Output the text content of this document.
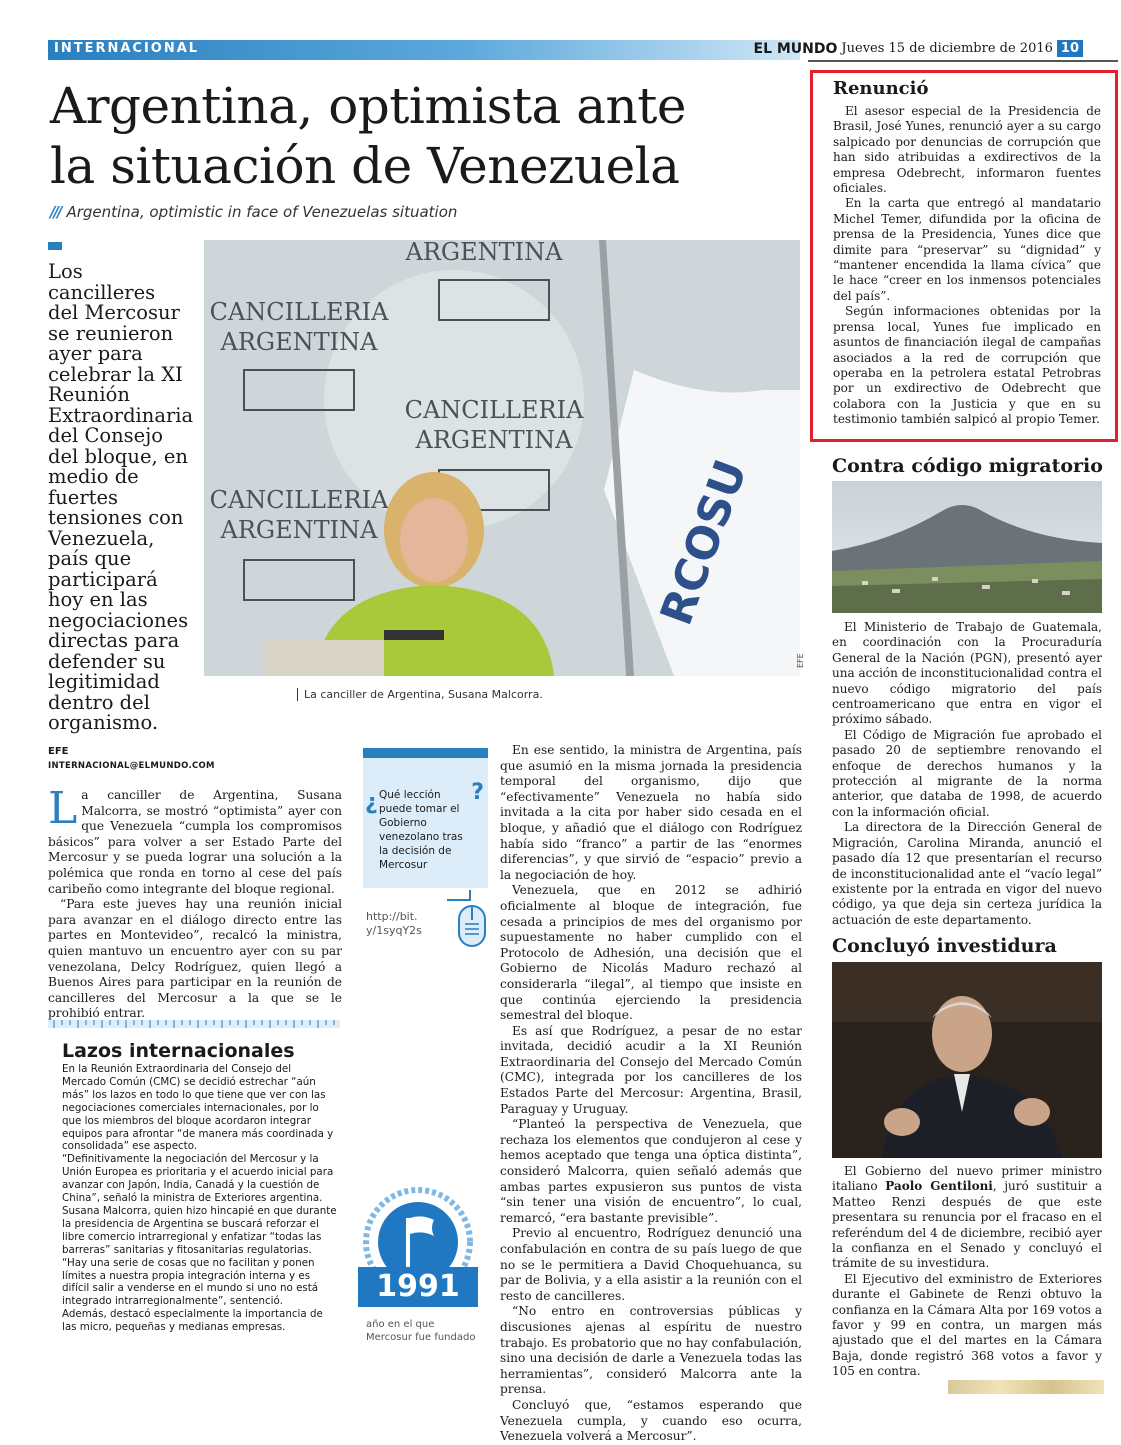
INTERNACIONAL	EL MUNDO Jueves 15 de diciembre de 2016 10
Argentina, optimista ante
la situación de Venezuela
/// Argentina, optimistic in face of Venezuelas situation

Los cancilleres del Mercosur se reunieron ayer para celebrar la XI Reunión Extraordinaria del Consejo del bloque, en medio de fuertes tensiones con Venezuela, país que participará hoy en las negociaciones directas para defender su legitimidad dentro del organismo.

ARGENTINA
CANCILLERIA
ARGENTINA
CANCILLERIA
ARGENTINA
CANCILLERIA
ARGENTINA	RCOSU
La canciller de Argentina, Susana Malcorra.
EFE
EFE
INTERNACIONAL@ELMUNDO.COM

La canciller de Argentina, Susana Malcorra, se mostró “optimista” ayer con que Venezuela “cumpla los compromisos básicos” para volver a ser Estado Parte del Mercosur y se pueda lograr una solución a la polémica que ronda en torno al cese del país caribeño como integrante del bloque regional.

“Para este jueves hay una reunión inicial para avanzar en el diálogo directo entre las partes en Montevideo”, recalcó la ministra, quien mantuvo un encuentro ayer con su par venezolana, Delcy Rodríguez, quien llegó a Buenos Aires para participar en la reunión de cancilleres del Mercosur a la que se le prohibió entrar.

¿	?
Qué lección puede tomar el Gobierno venezolano tras la decisión de Mercosur
http://bit.
y/1syqY2s

En ese sentido, la ministra de Argentina, país que asumió en la misma jornada la presidencia temporal del organismo, dijo que “efectivamente” Venezuela no había sido invitada a la cita por haber sido cesada en el bloque, y añadió que el diálogo con Rodríguez había sido “franco” a partir de las “enormes diferencias”, y que sirvió de “espacio” previo a la negociación de hoy.

Venezuela, que en 2012 se adhirió oficialmente al bloque de integración, fue cesada a principios de mes del organismo por supuestamente no haber cumplido con el Protocolo de Adhesión, una decisión que el Gobierno de Nicolás Maduro rechazó al considerarla “ilegal”, al tiempo que insiste en que continúa ejerciendo la presidencia semestral del bloque.

Es así que Rodríguez, a pesar de no estar invitada, decidió acudir a la XI Reunión Extraordinaria del Consejo del Mercado Común (CMC), integrada por los cancilleres de los Estados Parte del Mercosur: Argentina, Brasil, Paraguay y Uruguay.

“Planteó la perspectiva de Venezuela, que rechaza los elementos que condujeron al cese y hemos aceptado que tenga una óptica distinta”, consideró Malcorra, quien señaló además que ambas partes expusieron sus puntos de vista “sin tener una visión de encuentro”, lo cual, remarcó, “era bastante previsible”.

Previo al encuentro, Rodríguez denunció una confabulación en contra de su país luego de que no se le permitiera a David Choquehuanca, su par de Bolivia, y a ella asistir a la reunión con el resto de cancilleres.

“No entro en controversias públicas y discusiones ajenas al espíritu de nuestro trabajo. Es probatorio que no hay confabulación, sino una decisión de darle a Venezuela todas las herramientas”, consideró Malcorra ante la prensa.

Concluyó que, “estamos esperando que Venezuela cumpla, y cuando eso ocurra, Venezuela volverá a Mercosur”.

Lazos internacionales

En la Reunión Extraordinaria del Consejo del Mercado Común (CMC) se decidió estrechar “aún más” los lazos en todo lo que tiene que ver con las negociaciones comerciales internacionales, por lo que los miembros del bloque acordaron integrar equipos para afrontar “de manera más coordinada y consolidada” ese aspecto.

“Definitivamente la negociación del Mercosur y la Unión Europea es prioritaria y el acuerdo inicial para avanzar con Japón, India, Canadá y la cuestión de China”, señaló la ministra de Exteriores argentina.

Susana Malcorra, quien hizo hincapié en que durante la presidencia de Argentina se buscará reforzar el libre comercio intrarregional y enfatizar “todas las barreras” sanitarias y fitosanitarias regulatorias.

“Hay una serie de cosas que no facilitan y ponen límites a nuestra propia integración interna y es difícil salir a venderse en el mundo si uno no está integrado intrarregionalmente”, sentenció.

Además, destacó especialmente la importancia de las micro, pequeñas y medianas empresas.

1991
año en el que Mercosur fue fundado
Renunció

El asesor especial de la Presidencia de Brasil, José Yunes, renunció ayer a su cargo salpicado por denuncias de corrupción que han sido atribuidas a exdirectivos de la empresa Odebrecht, informaron fuentes oficiales.

En la carta que entregó al mandatario Michel Temer, difundida por la oficina de prensa de la Presidencia, Yunes dice que dimite para “preservar” su “dignidad” y “mantener encendida la llama cívica” que le hace “creer en los inmensos potenciales del país”.

Según informaciones obtenidas por la prensa local, Yunes fue implicado en asuntos de financiación ilegal de campañas asociados a la red de corrupción que operaba en la petrolera estatal Petrobras por un exdirectivo de Odebrecht que colabora con la Justicia y que en su testimonio también salpicó al propio Temer.

Contra código migratorio

El Ministerio de Trabajo de Guatemala, en coordinación con la Procuraduría General de la Nación (PGN), presentó ayer una acción de inconstitucionalidad contra el nuevo código migratorio del país centroamericano que entra en vigor el próximo sábado.

El Código de Migración fue aprobado el pasado 20 de septiembre renovando el enfoque de derechos humanos y la protección al migrante de la norma anterior, que databa de 1998, de acuerdo con la información oficial.

La directora de la Dirección General de Migración, Carolina Miranda, anunció el pasado día 12 que presentarían el recurso de inconstitucionalidad ante el “vacío legal” existente por la entrada en vigor del nuevo código, ya que deja sin certeza jurídica la actuación de este departamento.

Concluyó investidura

El Gobierno del nuevo primer ministro italiano Paolo Gentiloni, juró sustituir a Matteo Renzi después de que este presentara su renuncia por el fracaso en el referéndum del 4 de diciembre, recibió ayer la confianza en el Senado y concluyó el trámite de su investidura.

El Ejecutivo del exministro de Exteriores durante el Gabinete de Renzi obtuvo la confianza en la Cámara Alta por 169 votos a favor y 99 en contra, un margen más ajustado que el del martes en la Cámara Baja, donde registró 368 votos a favor y 105 en contra.
